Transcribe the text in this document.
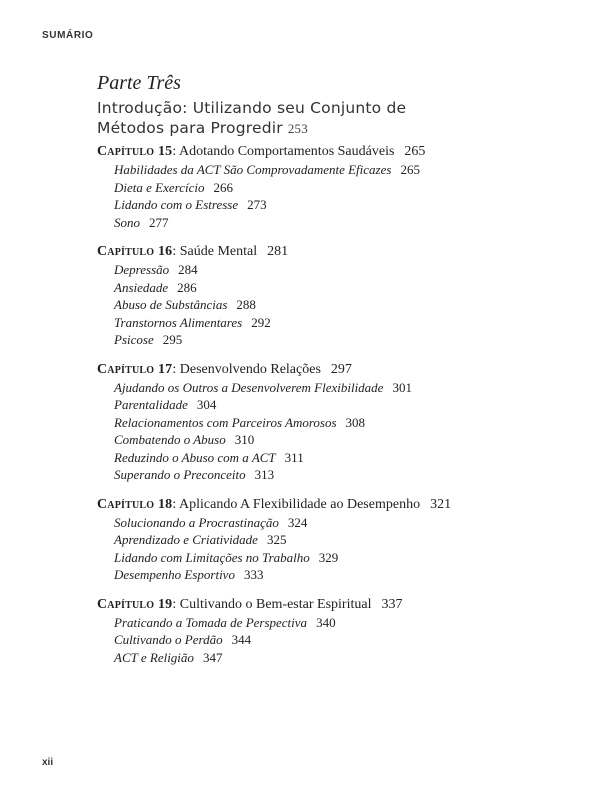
SUMÁRIO
Parte Três
Introdução: Utilizando seu Conjunto de Métodos para Progredir 253
Capítulo 15: Adotando Comportamentos Saudáveis 265
Habilidades da ACT São Comprovadamente Eficazes 265
Dieta e Exercício 266
Lidando com o Estresse 273
Sono 277
Capítulo 16: Saúde Mental 281
Depressão 284
Ansiedade 286
Abuso de Substâncias 288
Transtornos Alimentares 292
Psicose 295
Capítulo 17: Desenvolvendo Relações 297
Ajudando os Outros a Desenvolverem Flexibilidade 301
Parentalidade 304
Relacionamentos com Parceiros Amorosos 308
Combatendo o Abuso 310
Reduzindo o Abuso com a ACT 311
Superando o Preconceito 313
Capítulo 18: Aplicando A Flexibilidade ao Desempenho 321
Solucionando a Procrastinação 324
Aprendizado e Criatividade 325
Lidando com Limitações no Trabalho 329
Desempenho Esportivo 333
Capítulo 19: Cultivando o Bem-estar Espiritual 337
Praticando a Tomada de Perspectiva 340
Cultivando o Perdão 344
ACT e Religião 347
xii
